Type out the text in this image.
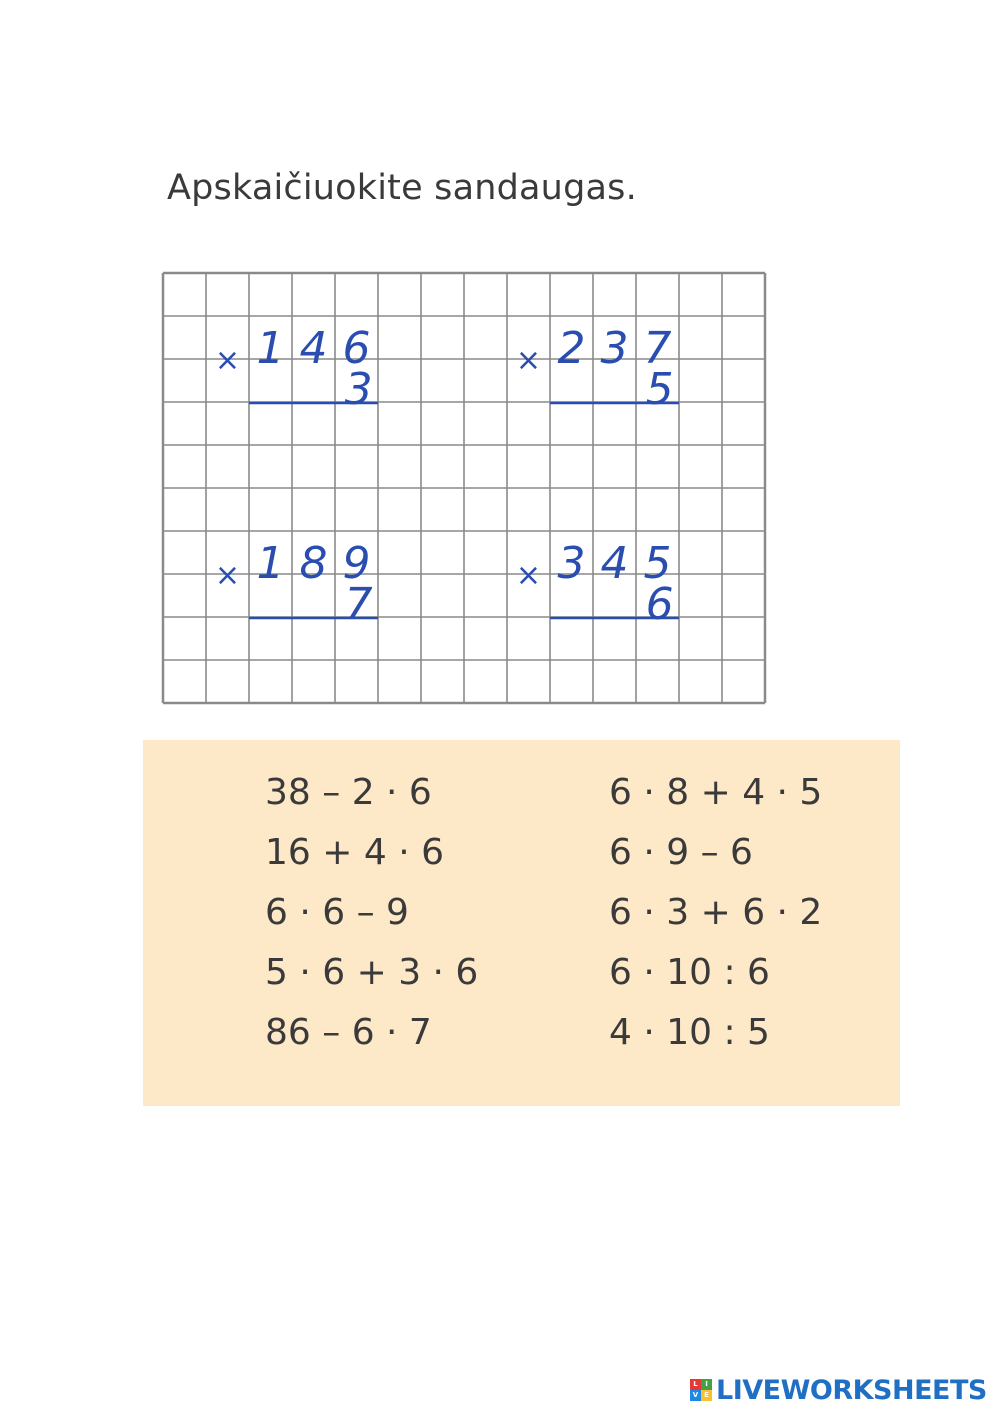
Apskaičiuokite sandaugas.
× 1 4 6
3
× 2 3 7
5
× 1 8 9
7
× 3 4 5
6
38 – 2 · 6
16 + 4 · 6
6 · 6 – 9
5 · 6 + 3 · 6
86 – 6 · 7
6 · 8 + 4 · 5
6 · 9 – 6
6 · 3 + 6 · 2
6 · 10 : 6
4 · 10 : 5
L	I
V E LIVEWORKSHEETS
